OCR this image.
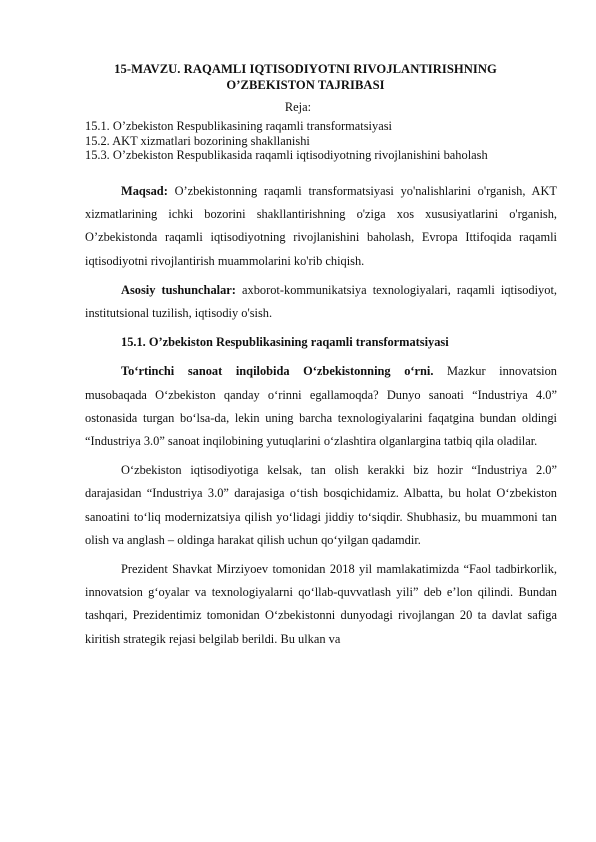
15-MAVZU. RAQAMLI IQTISODIYOTNI RIVOJLANTIRISHNING
O’ZBEKISTON TAJRIBASI
Reja:
15.1. O’zbekiston Respublikasining raqamli transformatsiyasi
15.2. AKT xizmatlari bozorining shakllanishi
15.3. O’zbekiston Respublikasida raqamli iqtisodiyotning rivojlanishini baholash

Maqsad: O’zbekistonning raqamli transformatsiyasi yo'nalishlarini o'rganish, AKT xizmatlarining ichki bozorini shakllantirishning o'ziga xos xususiyatlarini o'rganish, O’zbekistonda raqamli iqtisodiyotning rivojlanishini baholash, Evropa Ittifoqida raqamli iqtisodiyotni rivojlantirish muammolarini ko'rib chiqish.

Asosiy tushunchalar: axborot-kommunikatsiya texnologiyalari, raqamli iqtisodiyot, institutsional tuzilish, iqtisodiy o'sish.

15.1. O’zbekiston Respublikasining raqamli transformatsiyasi

To‘rtinchi sanoat inqilobida O‘zbekistonning o‘rni. Mazkur innovatsion musobaqada O‘zbekiston qanday o‘rinni egallamoqda? Dunyo sanoati “Industriya 4.0” ostonasida turgan bo‘lsa-da, lekin uning barcha texnologiyalarini faqatgina bundan oldingi “Industriya 3.0” sanoat inqilobining yutuqlarini o‘zlashtira olganlargina tatbiq qila oladilar.

O‘zbekiston iqtisodiyotiga kelsak, tan olish kerakki biz hozir “Industriya 2.0” darajasidan “Industriya 3.0” darajasiga o‘tish bosqichidamiz. Albatta, bu holat O‘zbekiston sanoatini to‘liq modernizatsiya qilish yo‘lidagi jiddiy to‘siqdir. Shubhasiz, bu muammoni tan olish va anglash – oldinga harakat qilish uchun qo‘yilgan qadamdir.

Prezident Shavkat Mirziyoev tomonidan 2018 yil mamlakatimizda “Faol tadbirkorlik, innovatsion g‘oyalar va texnologiyalarni qo‘llab-quvvatlash yili” deb e’lon qilindi. Bundan tashqari, Prezidentimiz tomonidan O‘zbekistonni dunyodagi rivojlangan 20 ta davlat safiga kiritish strategik rejasi belgilab berildi. Bu ulkan va
